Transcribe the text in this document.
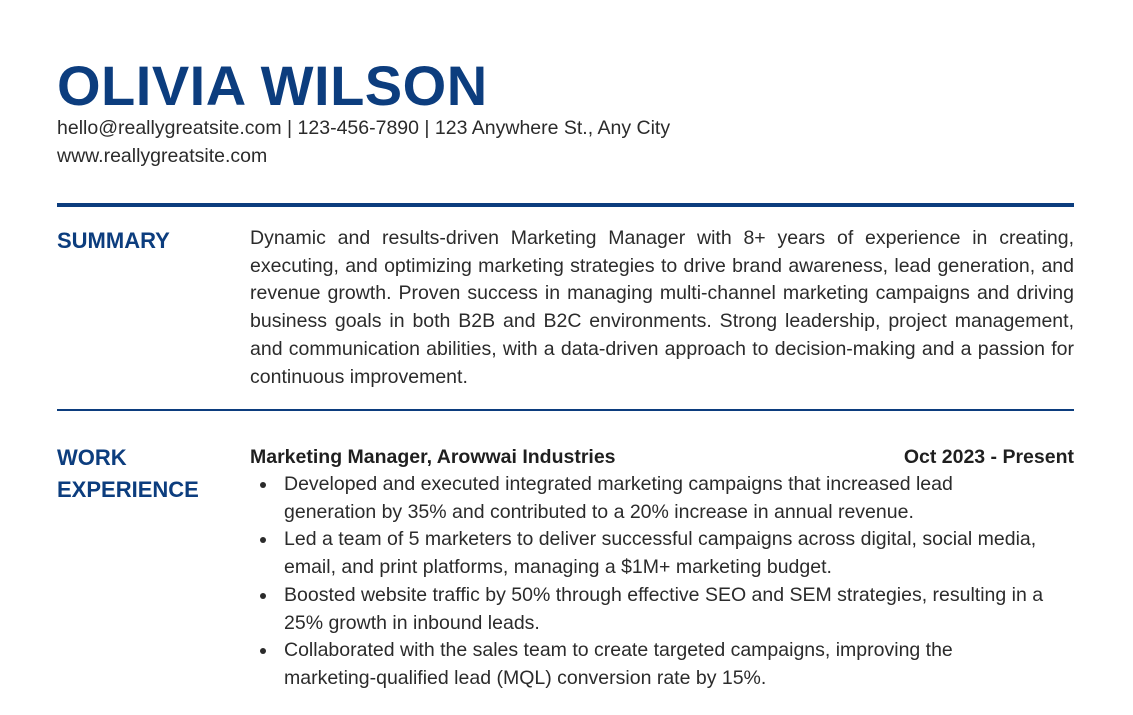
OLIVIA WILSON
hello@reallygreatsite.com | 123-456-7890 | 123 Anywhere St., Any City
www.reallygreatsite.com
SUMMARY	Dynamic and results-driven Marketing Manager with 8+ years of experience in creating, executing, and optimizing marketing strategies to drive brand awareness, lead generation, and revenue growth. Proven success in managing multi-channel marketing campaigns and driving business goals in both B2B and B2C environments. Strong leadership, project management, and communication abilities, with a data-driven approach to decision-making and a passion for continuous improvement.

WORK
EXPERIENCE
Marketing Manager, Arowwai Industries	Oct 2023 - Present
Developed and executed integrated marketing campaigns that increased lead generation by 35% and contributed to a 20% increase in annual revenue.
Led a team of 5 marketers to deliver successful campaigns across digital, social media, email, and print platforms, managing a $1M+ marketing budget.
Boosted website traffic by 50% through effective SEO and SEM strategies, resulting in a 25% growth in inbound leads.
Collaborated with the sales team to create targeted campaigns, improving the marketing-qualified lead (MQL) conversion rate by 15%.
